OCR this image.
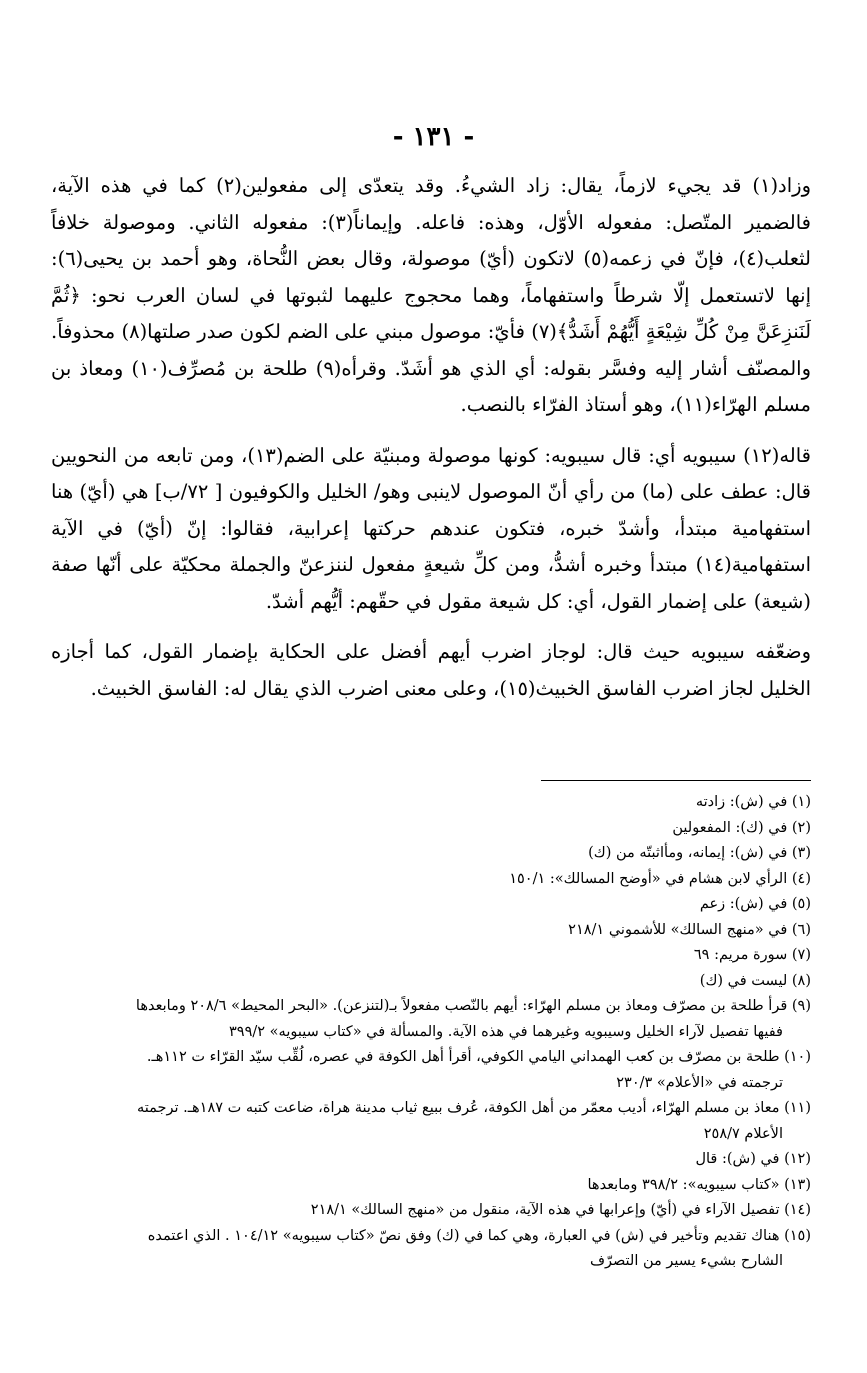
- ١٣١ -

وزاد(١) قد يجيء لازماً، يقال: زاد الشيءُ. وقد يتعدّى إلى مفعولين(٢) كما في هذه الآية، فالضمير المتّصل: مفعوله الأوّل، وهذه: فاعله. وإيماناً(٣): مفعوله الثاني. وموصولة خلافاً لثعلب(٤)، فإنّ في زعمه(٥) لاتكون (أيّ) موصولة، وقال بعض النُّحاة، وهو أحمد بن يحيى(٦): إنها لاتستعمل إلّا شرطاً واستفهاماً، وهما محجوج عليهما لثبوتها في لسان العرب نحو: ﴿ثُمَّ لَنَنزِعَنَّ مِنْ كُلِّ شِيْعَةٍ أَيُّهُمْ أَشَدُّ﴾(٧) فأيّ: موصول مبني على الضم لكون صدر صلتها(٨) محذوفاً. والمصنّف أشار إليه وفسَّر بقوله: أي الذي هو أشَدّ. وقرأه(٩) طلحة بن مُصرِّف(١٠) ومعاذ بن مسلم الهرّاء(١١)، وهو أستاذ الفرّاء بالنصب.

قاله(١٢) سيبويه أي: قال سيبويه: كونها موصولة ومبنيّة على الضم(١٣)، ومن تابعه من النحويين قال: عطف على (ما) من رأي أنّ الموصول لاينبى وهو/ الخليل والكوفيون [ ٧٢/ب] هي (أيّ) هنا استفهامية مبتدأ، وأشدّ خبره، فتكون عندهم حركتها إعرابية، فقالوا: إنّ (أيّ) في الآية استفهامية(١٤) مبتدأ وخبره أشدُّ، ومن كلِّ شيعةٍ مفعول لننزعنّ والجملة محكيّة على أنّها صفة (شيعة) على إضمار القول، أي: كل شيعة مقول في حقّهم: أيُّهم أشدّ.

وضعّفه سيبويه حيث قال: لوجاز اضرب أيهم أفضل على الحكاية بإضمار القول، كما أجازه الخليل لجاز اضرب الفاسق الخبيث(١٥)، وعلى معنى اضرب الذي يقال له: الفاسق الخبيث.

(١) في (ش): زادته
(٢) في (ك): المفعولين
(٣) في (ش): إيمانه، ومأاثبتّه من (ك)
(٤) الرأي لابن هشام في «أوضح المسالك»: ١٥٠/١
(٥) في (ش): زعم
(٦) في «منهج السالك» للأشموني ٢١٨/١
(٧) سورة مريم: ٦٩
(٨) ليست في (ك)
(٩) قرأ طلحة بن مصرّف ومعاذ بن مسلم الهرّاء: أيهم بالنّصب مفعولاً بـ(لتنزعن). «البحر المحيط» ٢٠٨/٦ ومابعدها
ففيها تفصيل لآراء الخليل وسيبويه وغيرهما في هذه الآية. والمسألة في «كتاب سيبويه» ٣٩٩/٢
(١٠) طلحة بن مصرّف بن كعب الهمداني اليامي الكوفي، أقرأ أهل الكوفة في عصره، لُقِّب سيّد القرّاء ت ١١٢هـ.
ترجمته في «الأعلام» ٢٣٠/٣
(١١) معاذ بن مسلم الهرّاء، أديب معمّر من أهل الكوفة، عُرف ببيع ثياب مدينة هراة، ضاعت كتبه ت ١٨٧هـ. ترجمته
الأعلام ٢٥٨/٧
(١٢) في (ش): قال
(١٣) «كتاب سيبويه»: ٣٩٨/٢ ومابعدها
(١٤) تفصيل الآراء في (أيّ) وإعرابها في هذه الآية، منقول من «منهج السالك» ٢١٨/١
(١٥) هناك تقديم وتأخير في (ش) في العبارة، وهي كما في (ك) وفق نصّ «كتاب سيبويه» ١٠٤/١٢ . الذي اعتمده
الشارح بشيء يسير من التصرّف
